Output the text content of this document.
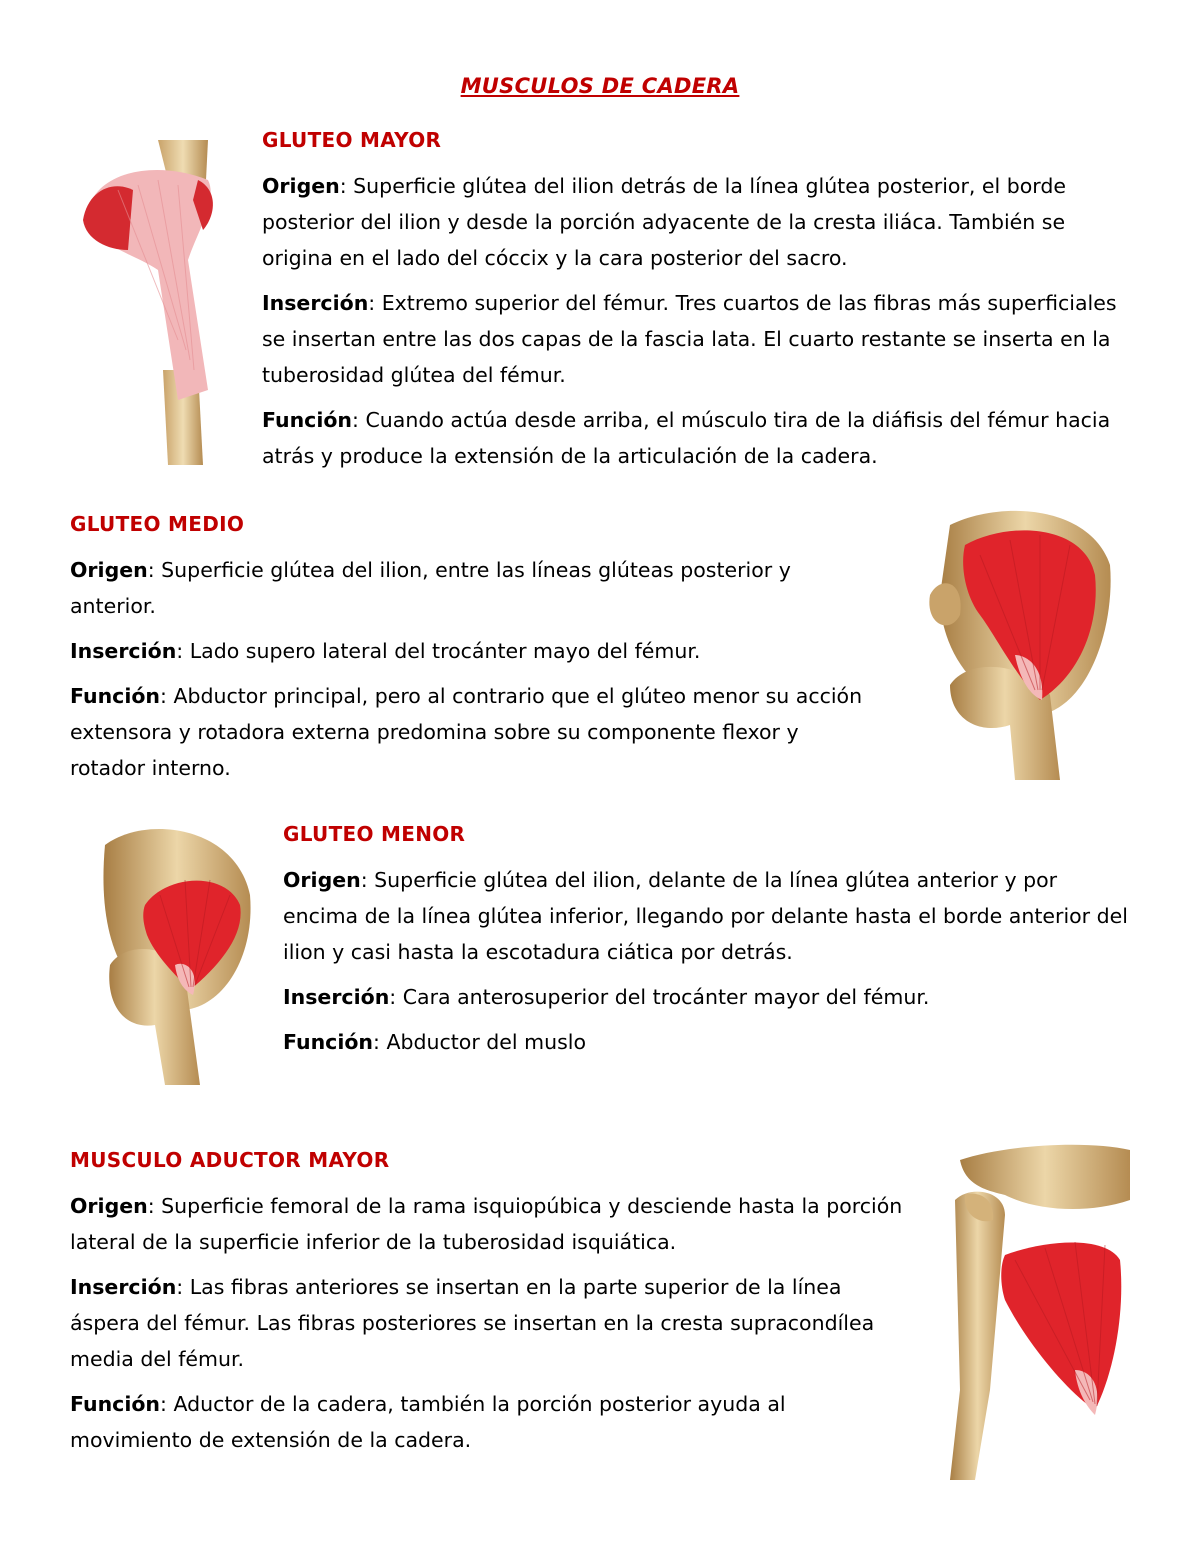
MUSCULOS DE CADERA
GLUTEO MAYOR

Origen: Superficie glútea del ilion detrás de la línea glútea posterior, el borde posterior del ilion y desde la porción adyacente de la cresta iliáca. También se origina en el lado del cóccix y la cara posterior del sacro.

Inserción: Extremo superior del fémur. Tres cuartos de las fibras más superficiales se insertan entre las dos capas de la fascia lata. El cuarto restante se inserta en la tuberosidad glútea del fémur.

Función: Cuando actúa desde arriba, el músculo tira de la diáfisis del fémur hacia atrás y produce la extensión de la articulación de la cadera.

GLUTEO MEDIO

Origen: Superficie glútea del ilion, entre las líneas glúteas posterior y anterior.

Inserción: Lado supero lateral del trocánter mayo del fémur.

Función: Abductor principal, pero al contrario que el glúteo menor su acción extensora y rotadora externa predomina sobre su componente flexor y rotador interno.

GLUTEO MENOR

Origen: Superficie glútea del ilion, delante de la línea glútea anterior y por encima de la línea glútea inferior, llegando por delante hasta el borde anterior del ilion y casi hasta la escotadura ciática por detrás.

Inserción: Cara anterosuperior del trocánter mayor del fémur.

Función: Abductor del muslo

MUSCULO ADUCTOR MAYOR

Origen: Superficie femoral de la rama isquiopúbica y desciende hasta la porción lateral de la superficie inferior de la tuberosidad isquiática.

Inserción: Las fibras anteriores se insertan en la parte superior de la línea áspera del fémur. Las fibras posteriores se insertan en la cresta supracondílea media del fémur.

Función: Aductor de la cadera, también la porción posterior ayuda al movimiento de extensión de la cadera.
